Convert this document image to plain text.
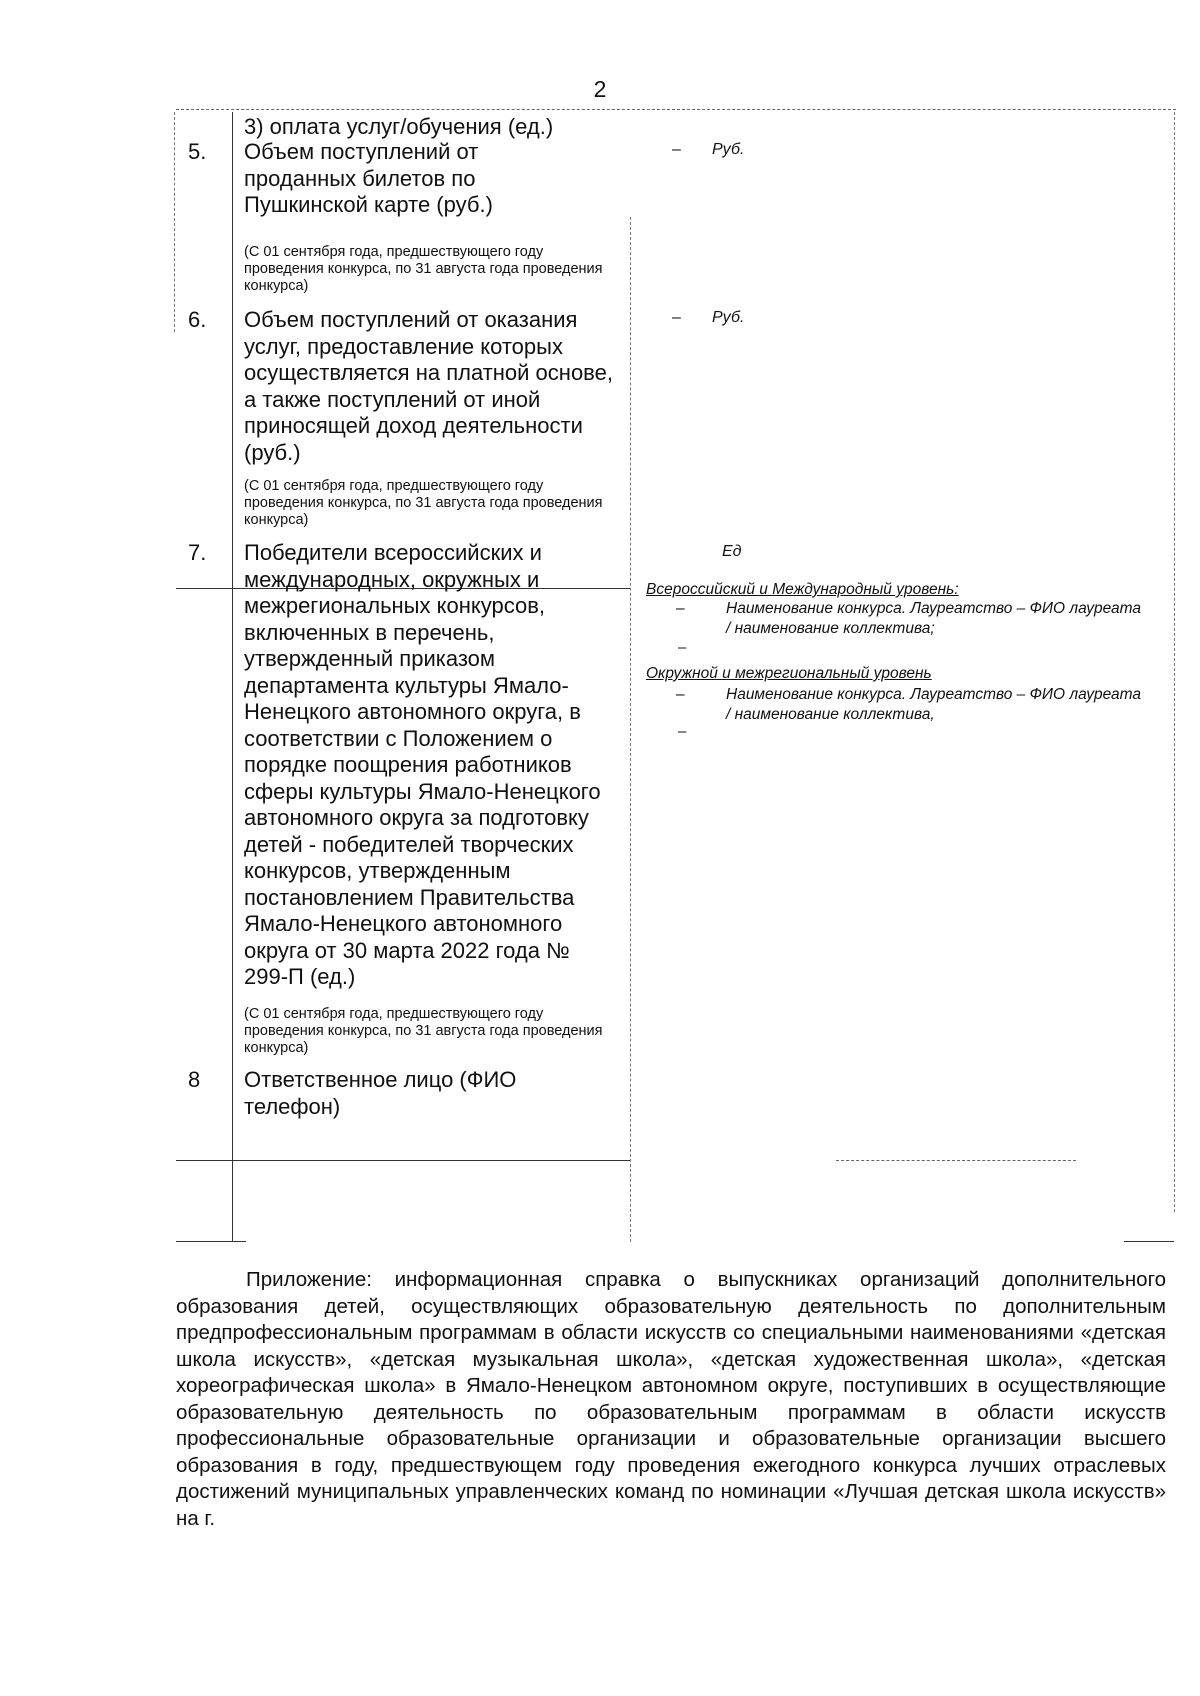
2
3) оплата услуг/обучения (ед.)
5. Объем поступлений от проданных билетов по Пушкинской карте (руб.)
(С 01 сентября года, предшествующего году проведения конкурса, по 31 августа года проведения конкурса)
– Руб.
6. Объем поступлений от оказания услуг, предоставление которых осуществляется на платной основе, а также поступлений от иной приносящей доход деятельности (руб.)
(С 01 сентября года, предшествующего году проведения конкурса, по 31 августа года проведения конкурса)
– Руб.
7. Победители всероссийских и международных, окружных и межрегиональных конкурсов, включенных в перечень, утвержденный приказом департамента культуры Ямало-Ненецкого автономного округа, в соответствии с Положением о порядке поощрения работников сферы культуры Ямало-Ненецкого автономного округа за подготовку детей - победителей творческих конкурсов, утвержденным постановлением Правительства Ямало-Ненецкого автономного округа от 30 марта 2022 года № 299-П (ед.)
(С 01 сентября года, предшествующего году проведения конкурса, по 31 августа года проведения конкурса)
Ед
Всероссийский и Международный уровень:
–	Наименование конкурса. Лауреатство – ФИО лауреата / наименование коллектива;
–
Окружной и межрегиональный уровень
–	Наименование конкурса. Лауреатство – ФИО лауреата / наименование коллектива,
–
8 Ответственное лицо (ФИО телефон)
Приложение: информационная справка о выпускниках организаций дополнительного образования детей, осуществляющих образовательную деятельность по дополнительным предпрофессиональным программам в области искусств со специальными наименованиями «детская школа искусств», «детская музыкальная школа», «детская художественная школа», «детская хореографическая школа» в Ямало-Ненецком автономном округе, поступивших в осуществляющие образовательную деятельность по образовательным программам в области искусств профессиональные образовательные организации и образовательные организации высшего образования в году, предшествующем году проведения ежегодного конкурса лучших отраслевых достижений муниципальных управленческих команд по номинации «Лучшая детская школа искусств» на г.
